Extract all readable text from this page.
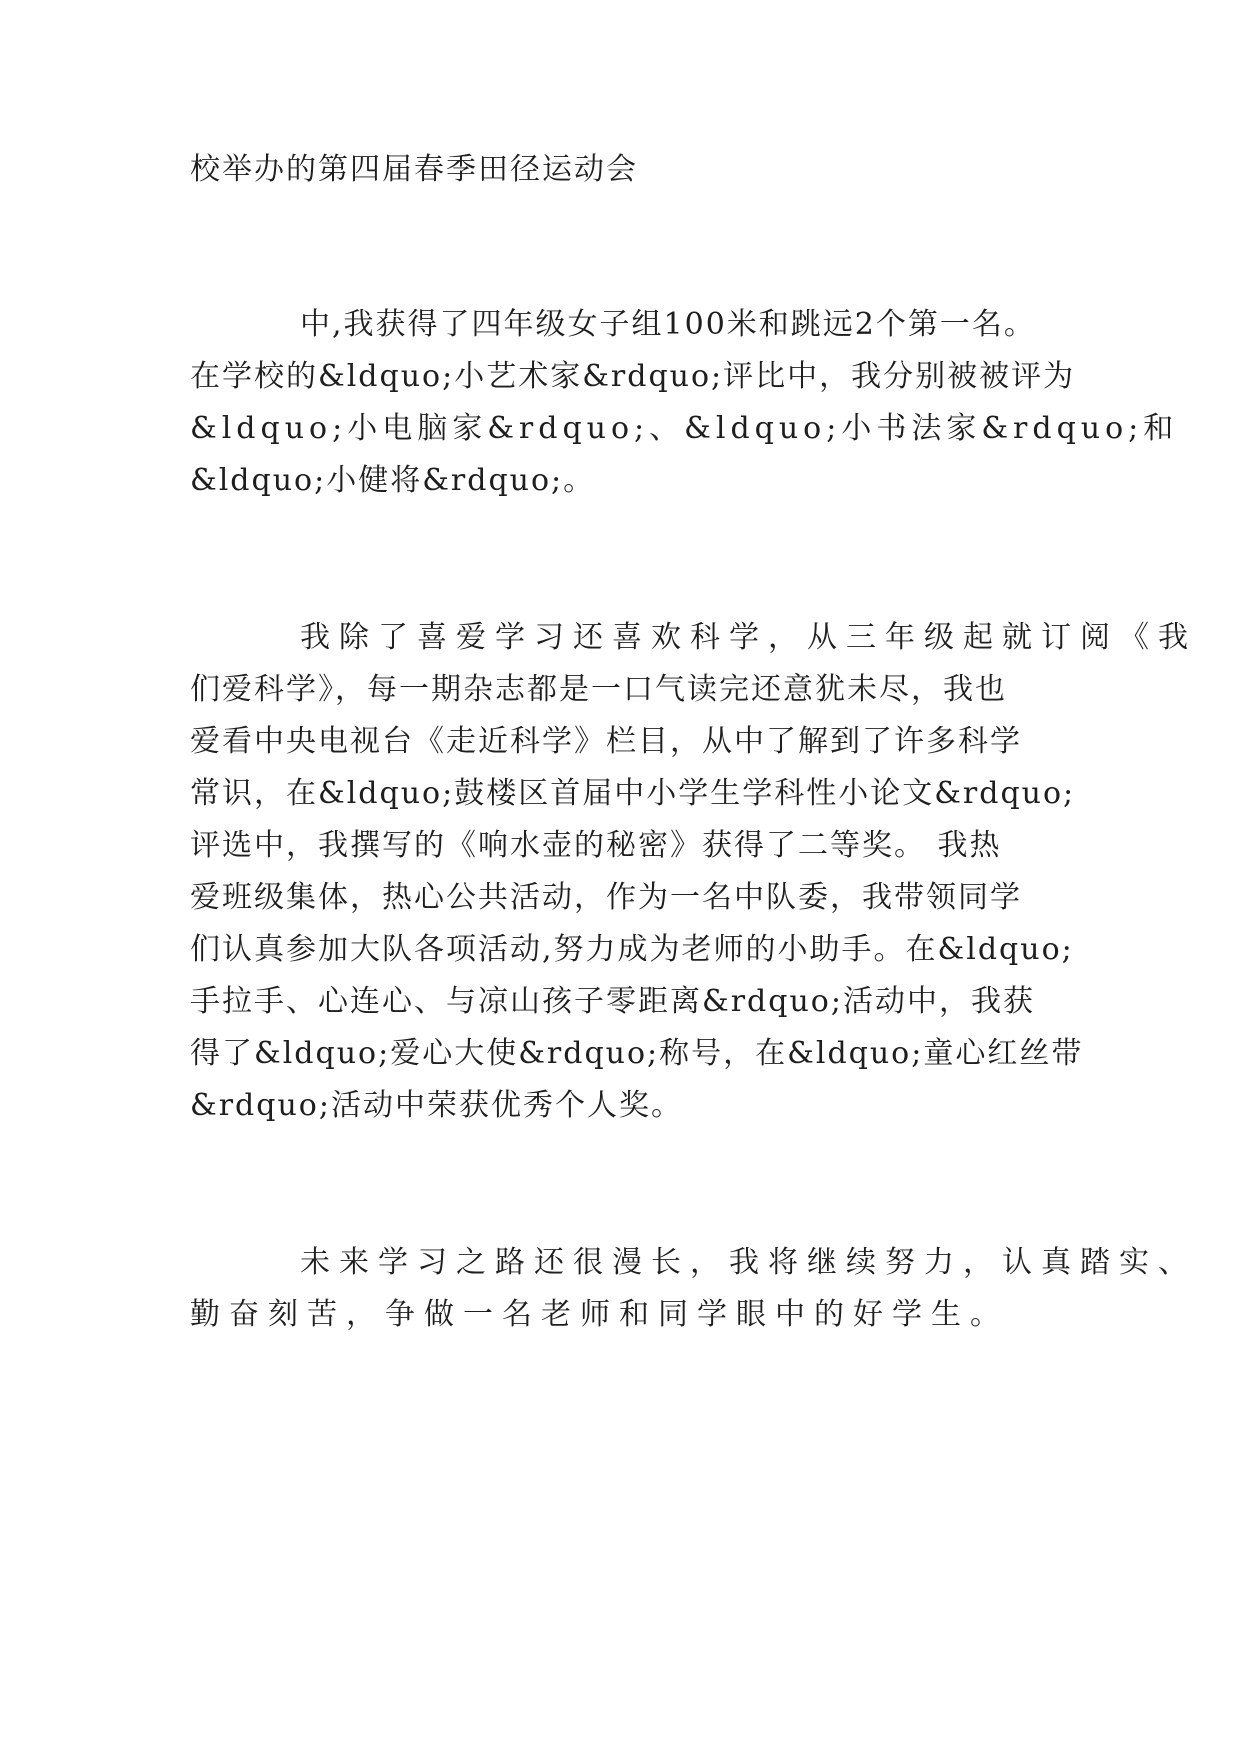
校举办的第四届春季田径运动会

中,我获得了四年级女子组100米和跳远2个第一名。

在学校的&ldquo;小艺术家&rdquo;评比中，我分别被被评为

&ldquo;小电脑家&rdquo;、&ldquo;小书法家&rdquo;和

&ldquo;小健将&rdquo;。

我除了喜爱学习还喜欢科学，从三年级起就订阅《我

们爱科学》，每一期杂志都是一口气读完还意犹未尽，我也

爱看中央电视台《走近科学》栏目，从中了解到了许多科学

常识，在&ldquo;鼓楼区首届中小学生学科性小论文&rdquo;

评选中，我撰写的《响水壶的秘密》获得了二等奖。 我热

爱班级集体，热心公共活动，作为一名中队委，我带领同学

们认真参加大队各项活动,努力成为老师的小助手。在&ldquo;

手拉手、心连心、与凉山孩子零距离&rdquo;活动中，我获

得了&ldquo;爱心大使&rdquo;称号，在&ldquo;童心红丝带

&rdquo;活动中荣获优秀个人奖。

未来学习之路还很漫长，我将继续努力，认真踏实、

勤奋刻苦，争做一名老师和同学眼中的好学生。
